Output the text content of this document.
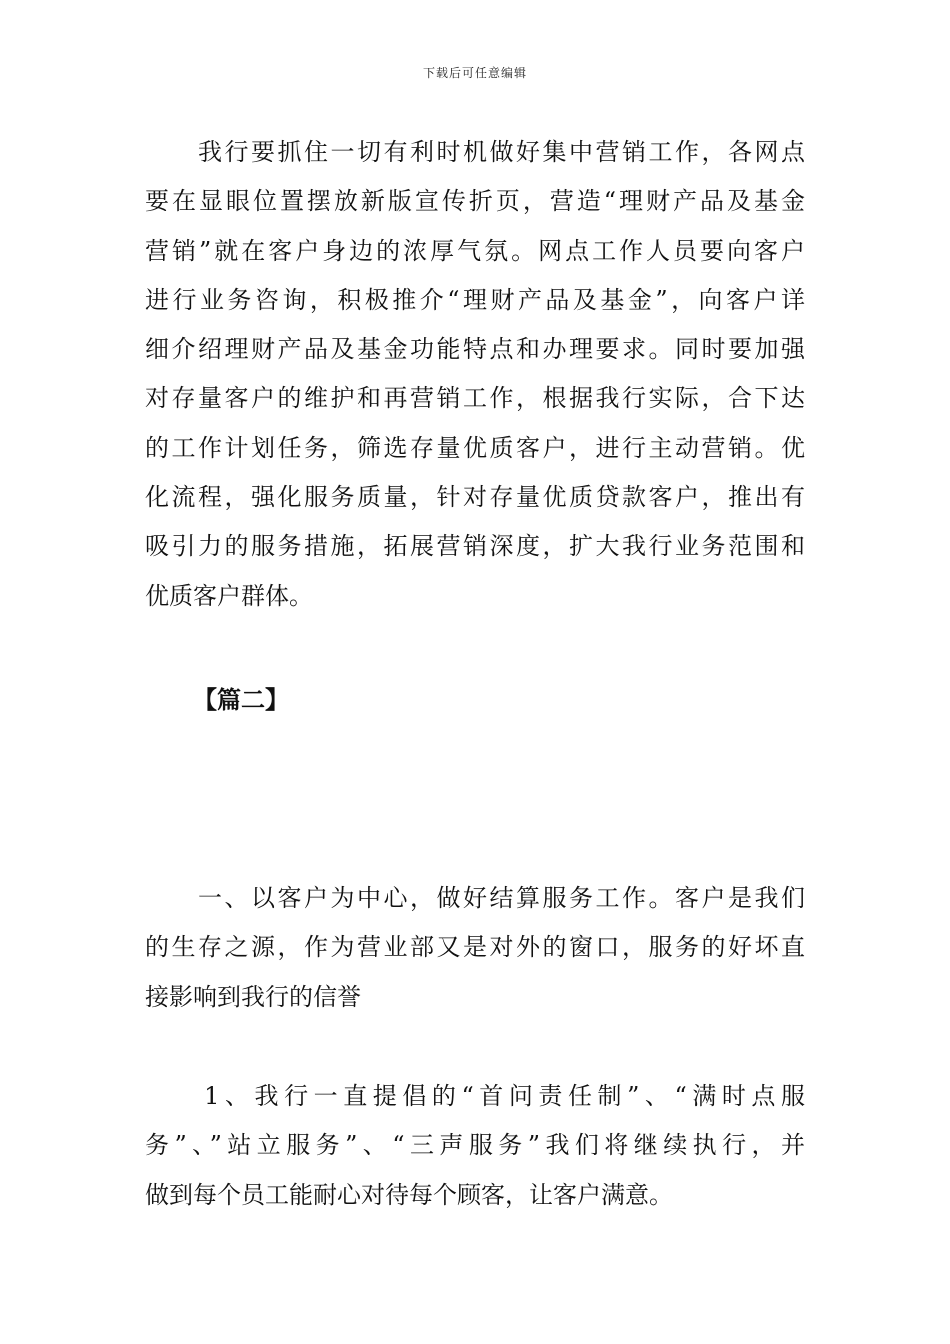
下载后可任意编辑
　　我行要抓住一切有利时机做好集中营销工作，各网点
要在显眼位置摆放新版宣传折页，营造“理财产品及基金
营销”就在客户身边的浓厚气氛。网点工作人员要向客户
进行业务咨询，积极推介“理财产品及基金”，向客户详
细介绍理财产品及基金功能特点和办理要求。同时要加强
对存量客户的维护和再营销工作，根据我行实际，合下达
的工作计划任务，筛选存量优质客户，进行主动营销。优
化流程，强化服务质量，针对存量优质贷款客户，推出有
吸引力的服务措施，拓展营销深度，扩大我行业务范围和
优质客户群体。
【篇二】
　　一、以客户为中心，做好结算服务工作。客户是我们
的生存之源，作为营业部又是对外的窗口，服务的好坏直
接影响到我行的信誉
　　1、我行一直提倡的“首问责任制”、“满时点服
务”、”站立服务”、“三声服务”我们将继续执行，并
做到每个员工能耐心对待每个顾客，让客户满意。
